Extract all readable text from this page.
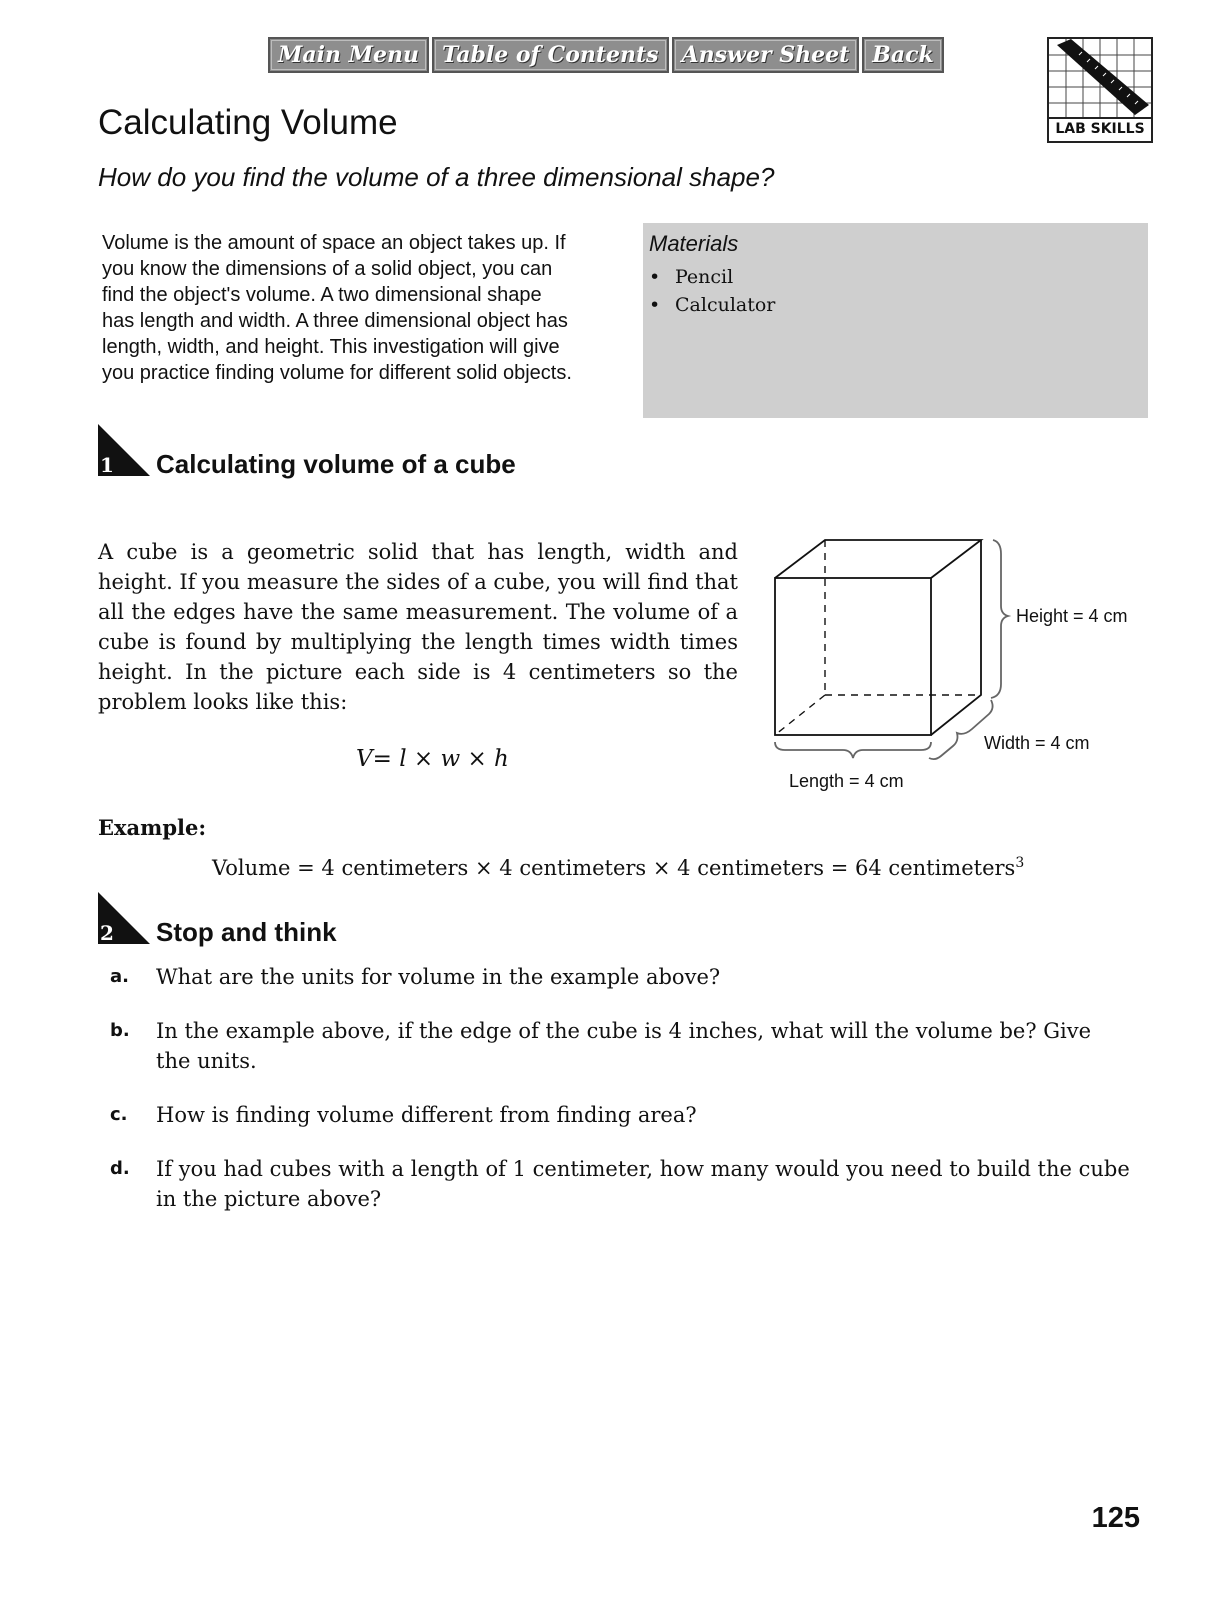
Main Menu	Table of Contents	Answer Sheet	Back
LAB SKILLS
Calculating Volume
How do you find the volume of a three dimensional shape?
Volume is the amount of space an object takes up. If you know the dimensions of a solid object, you can find the object's volume. A two dimensional shape has length and width. A three dimensional object has length, width, and height. This investigation will give you practice finding volume for different solid objects.
Materials
• Pencil
• Calculator
1 Calculating volume of a cube
A cube is a geometric solid that has length, width and height. If you measure the sides of a cube, you will find that all the edges have the same measurement. The volume of a cube is found by multiplying the length times width times height. In the picture each side is 4 centimeters so the problem looks like this:
V= l × w × h
Height = 4 cm
Width = 4 cm
Length = 4 cm
Example:
Volume = 4 centimeters × 4 centimeters × 4 centimeters = 64 centimeters$^3$
2 Stop and think
a.	What are the units for volume in the example above?
b.	In the example above, if the edge of the cube is 4 inches, what will the volume be? Give the units.
c.	How is finding volume different from finding area?
d.	If you had cubes with a length of 1 centimeter, how many would you need to build the cube in the picture above?
125
